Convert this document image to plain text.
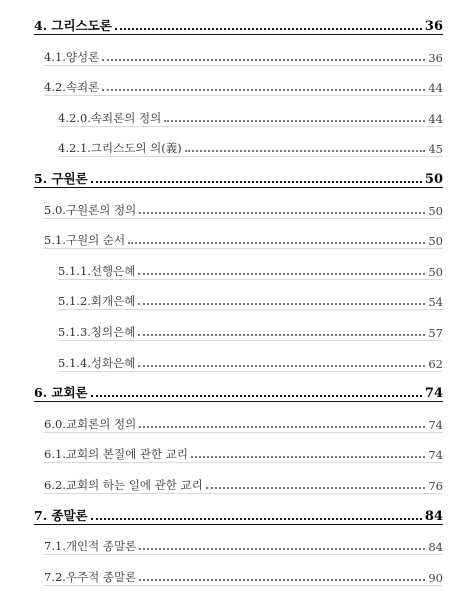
4. 그리스도론	36
4.1.양성론	36
4.2.속죄론	44
4.2.0.속죄론의 정의	44
4.2.1.그리스도의 의(義)	45
5. 구원론	50
5.0.구원론의 정의	50
5.1.구원의 순서	50
5.1.1.선행은혜	50
5.1.2.회개은혜	54
5.1.3.칭의은혜	57
5.1.4.성화은혜	62
6. 교회론	74
6.0.교회론의 정의	74
6.1.교회의 본질에 관한 교리	74
6.2.교회의 하는 일에 관한 교리	76
7. 종말론	84
7.1.개인적 종말론	84
7.2.우주적 종말론	90
